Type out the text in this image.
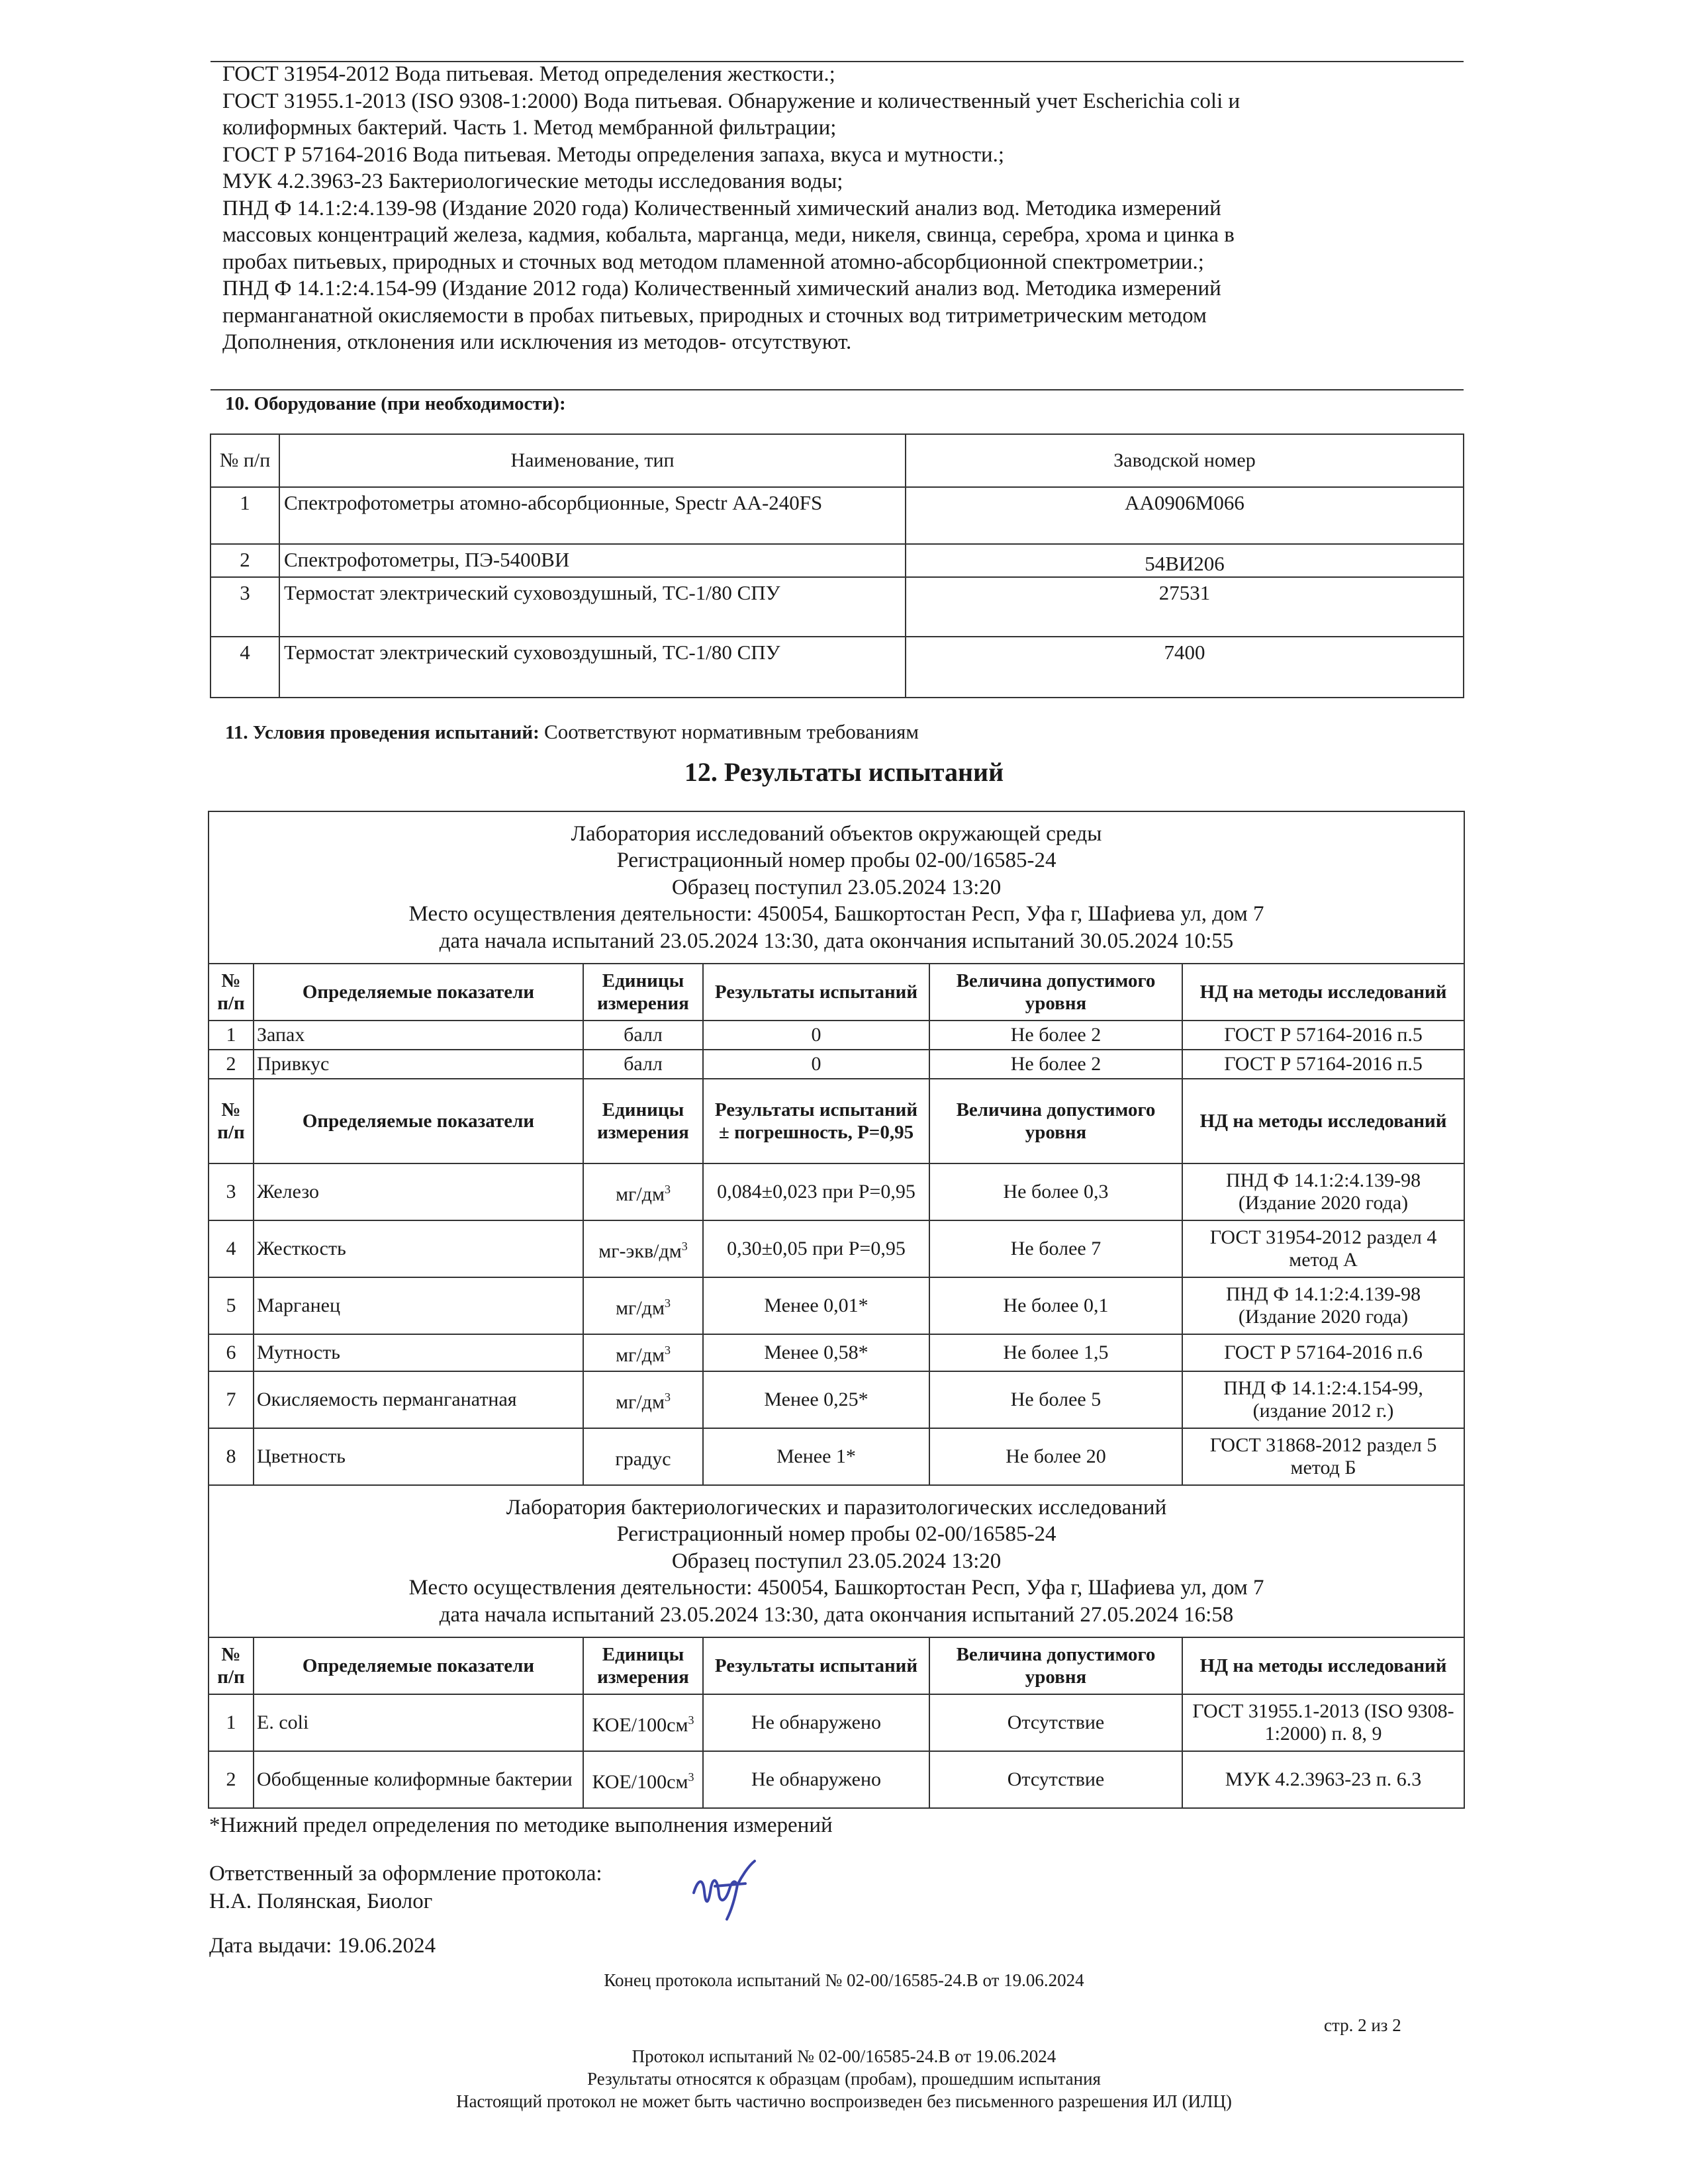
ГОСТ 31954-2012 Вода питьевая. Метод определения жесткости.;
ГОСТ 31955.1-2013 (ISO 9308-1:2000) Вода питьевая. Обнаружение и количественный учет Escherichia coli и
колиформных бактерий. Часть 1. Метод мембранной фильтрации;
ГОСТ Р 57164-2016 Вода питьевая. Методы определения запаха, вкуса и мутности.;
МУК 4.2.3963-23 Бактериологические методы исследования воды;
ПНД Ф 14.1:2:4.139-98 (Издание 2020 года) Количественный химический анализ вод. Методика измерений
массовых концентраций железа, кадмия, кобальта, марганца, меди, никеля, свинца, серебра, хрома и цинка в
пробах питьевых, природных и сточных вод методом пламенной атомно-абсорбционной спектрометрии.;
ПНД Ф 14.1:2:4.154-99 (Издание 2012 года) Количественный химический анализ вод. Методика измерений
перманганатной окисляемости в пробах питьевых, природных и сточных вод титриметрическим методом
Дополнения, отклонения или исключения из методов- отсутствуют.
10. Оборудование (при необходимости):
№ п/п	Наименование, тип	Заводской номер
1	Спектрофотометры атомно-абсорбционные, Spectr АА-240FS	АА0906М066
2	Спектрофотометры, ПЭ-5400ВИ	54ВИ206
3	Термостат электрический суховоздушный, ТС-1/80 СПУ	27531
4	Термостат электрический суховоздушный, ТС-1/80 СПУ	7400
11. Условия проведения испытаний: Соответствуют нормативным требованиям
12. Результаты испытаний
Лаборатория исследований объектов окружающей среды
Регистрационный номер пробы 02-00/16585-24
Образец поступил 23.05.2024 13:20
Место осуществления деятельности: 450054, Башкортостан Респ, Уфа г, Шафиева ул, дом 7
дата начала испытаний 23.05.2024 13:30, дата окончания испытаний 30.05.2024 10:55					

№ п/п	Определяемые показатели	Единицы измерения	Результаты испытаний	Величина допустимого уровня	НД на методы исследований
1	Запах	балл	0	Не более 2	ГОСТ Р 57164-2016 п.5
2	Привкус	балл	0	Не более 2	ГОСТ Р 57164-2016 п.5
№ п/п	Определяемые показатели	Единицы измерения	Результаты испытаний ± погрешность, Р=0,95	Величина допустимого уровня	НД на методы исследований
3	Железо	$мг/дм^3$	0,084±0,023 при Р=0,95	Не более 0,3	ПНД Ф 14.1:2:4.139-98 (Издание 2020 года)
4	Жесткость	$мг-экв/дм^3$	0,30±0,05 при Р=0,95	Не более 7	ГОСТ 31954-2012 раздел 4 метод А
5	Марганец	$мг/дм^3$	Менее 0,01*	Не более 0,1	ПНД Ф 14.1:2:4.139-98 (Издание 2020 года)
6	Мутность	$мг/дм^3$	Менее 0,58*	Не более 1,5	ГОСТ Р 57164-2016 п.6
7	Окисляемость перманганатная	$мг/дм^3$	Менее 0,25*	Не более 5	ПНД Ф 14.1:2:4.154-99, (издание 2012 г.)
8	Цветность	градус	Менее 1*	Не более 20	ГОСТ 31868-2012 раздел 5 метод Б

Лаборатория бактериологических и паразитологических исследований
Регистрационный номер пробы 02-00/16585-24
Образец поступил 23.05.2024 13:20
Место осуществления деятельности: 450054, Башкортостан Респ, Уфа г, Шафиева ул, дом 7
дата начала испытаний 23.05.2024 13:30, дата окончания испытаний 27.05.2024 16:58					

№ п/п	Определяемые показатели	Единицы измерения	Результаты испытаний	Величина допустимого уровня	НД на методы исследований
1	E. coli	КОЕ/$100см^3$	Не обнаружено	Отсутствие	ГОСТ 31955.1-2013 (ISO 9308-1:2000) п. 8, 9
2	Обобщенные колиформные бактерии	КОЕ/$100см^3$	Не обнаружено	Отсутствие	МУК 4.2.3963-23 п. 6.3
*Нижний предел определения по методике выполнения измерений
Ответственный за оформление протокола:
Н.А. Полянская, Биолог
Дата выдачи: 19.06.2024
Конец протокола испытаний № 02-00/16585-24.В от 19.06.2024
стр. 2 из 2
Протокол испытаний № 02-00/16585-24.В от 19.06.2024
Результаты относятся к образцам (пробам), прошедшим испытания
Настоящий протокол не может быть частично воспроизведен без письменного разрешения ИЛ (ИЛЦ)
